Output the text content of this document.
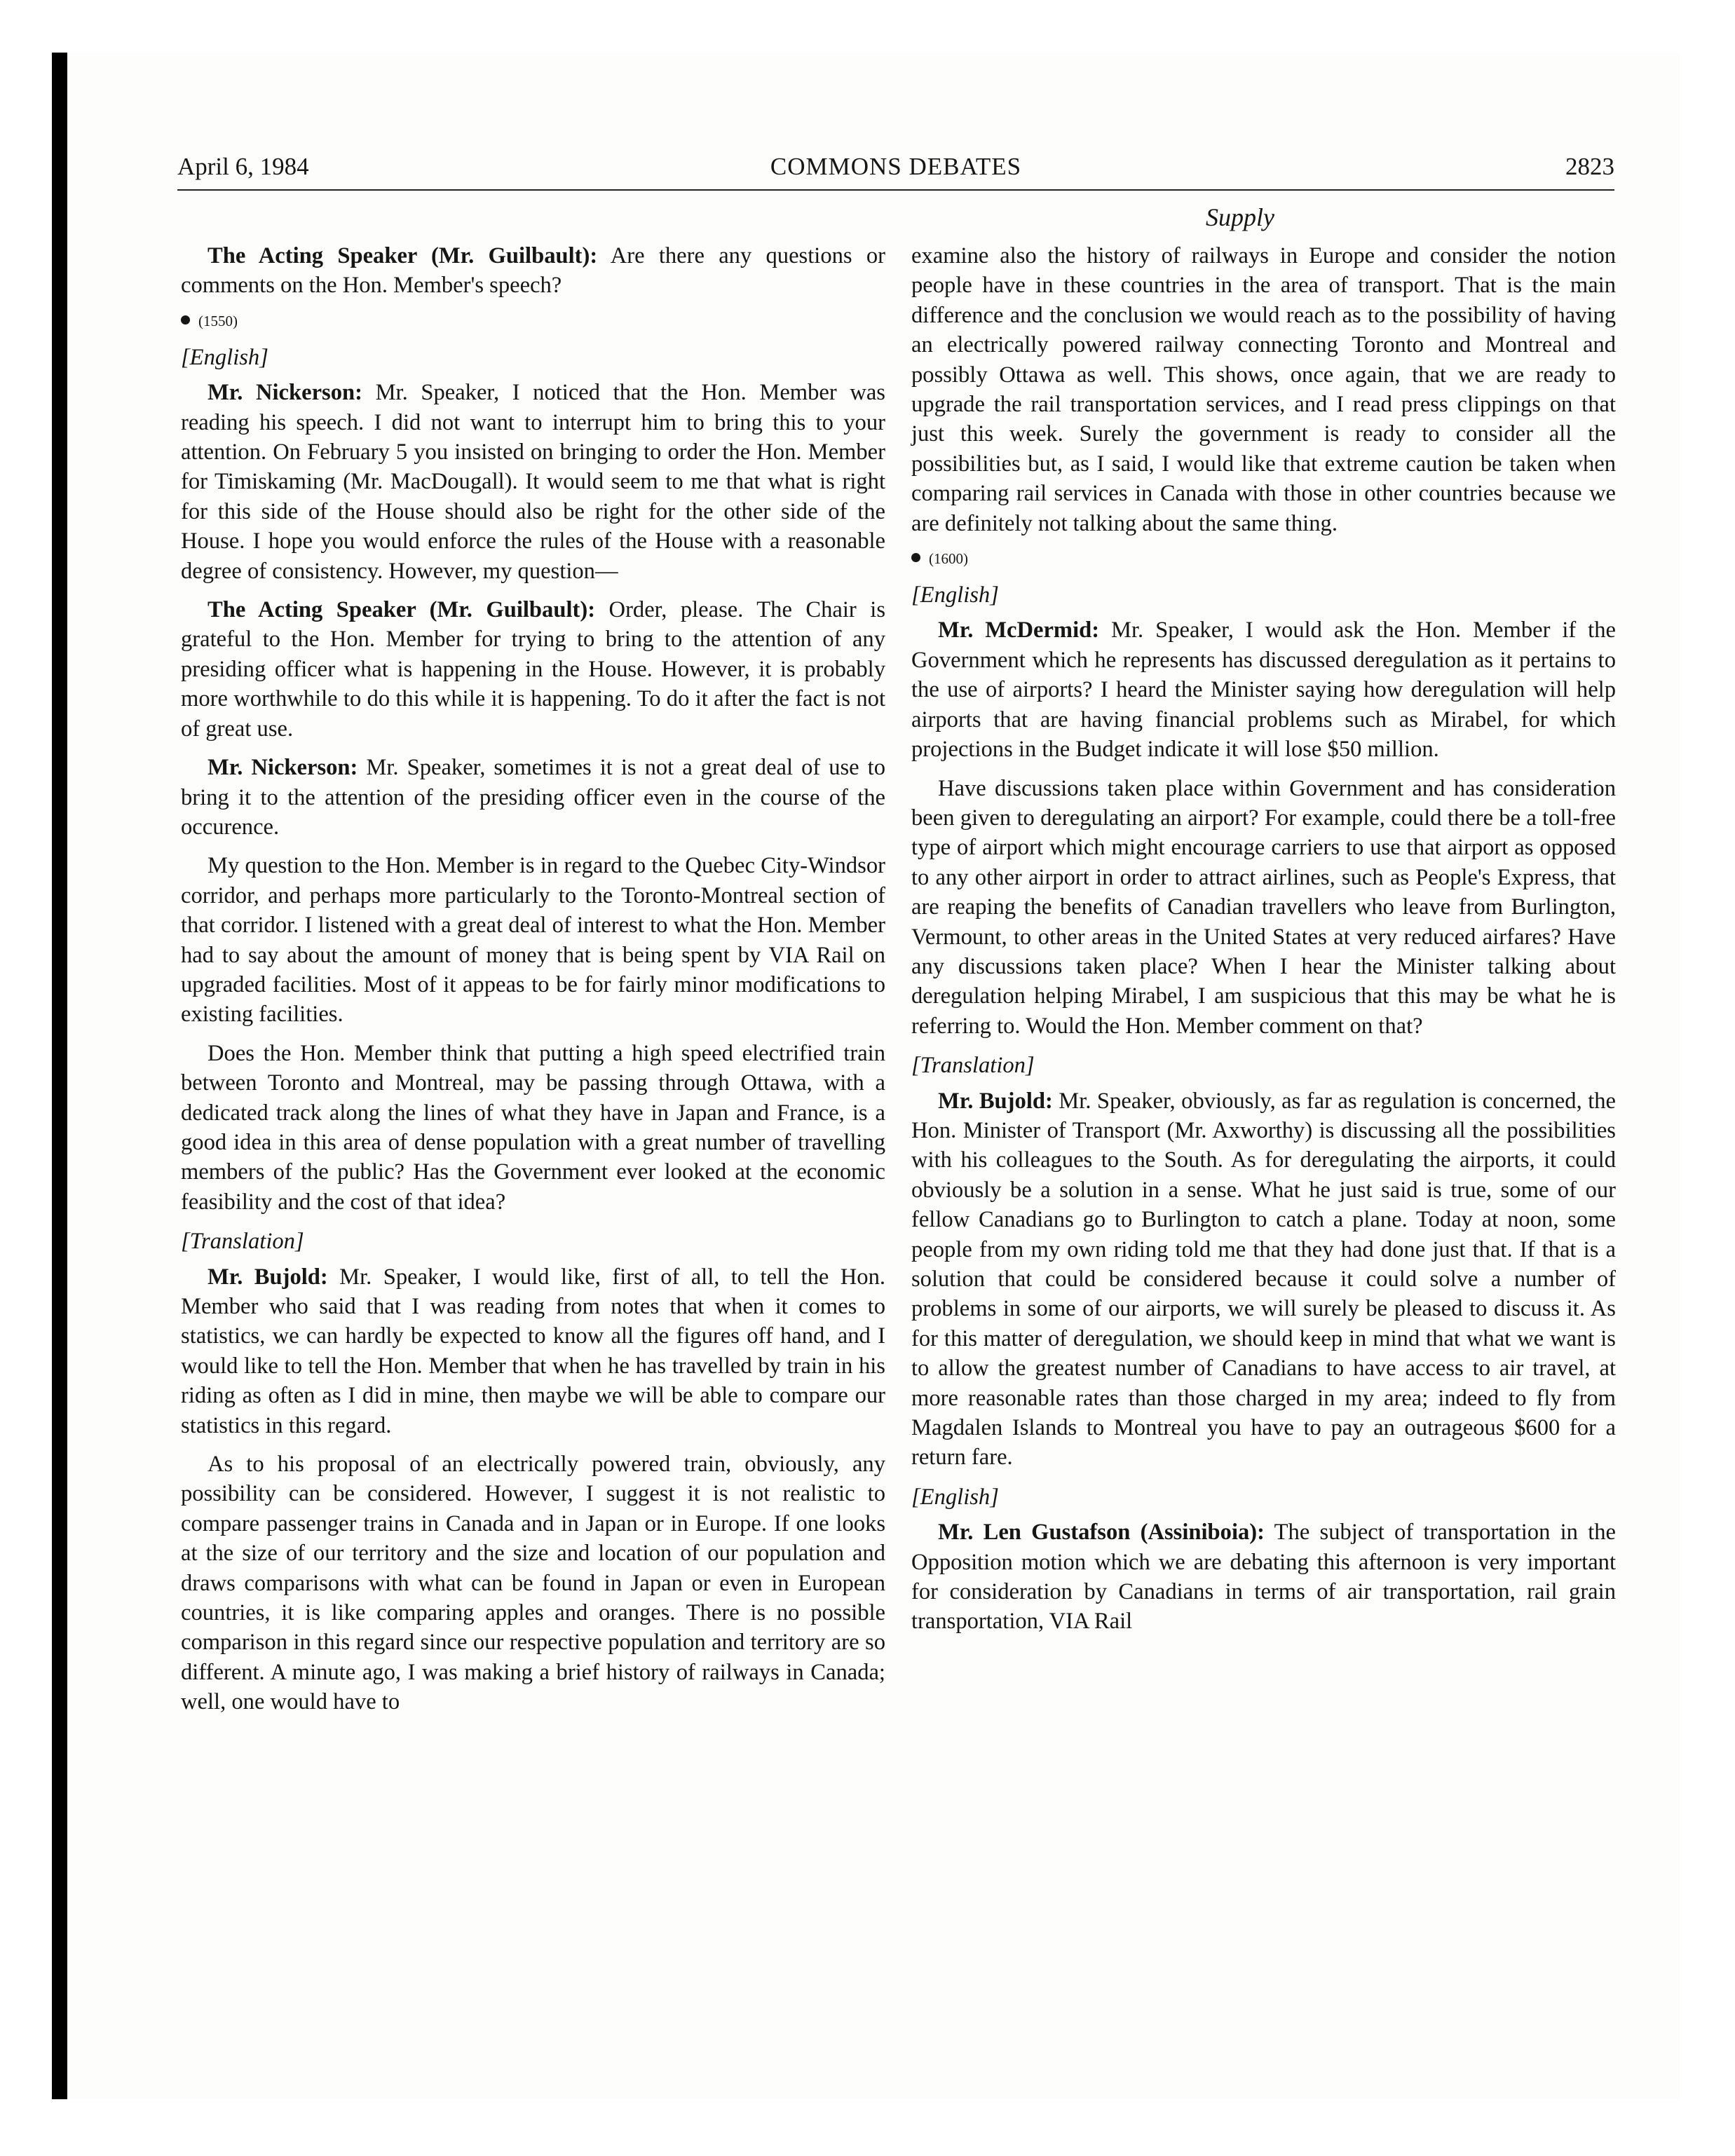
April 6, 1984	COMMONS DEBATES	2823
Supply

The Acting Speaker (Mr. Guilbault): Are there any questions or comments on the Hon. Member's speech?

(1550)
[English]

Mr. Nickerson: Mr. Speaker, I noticed that the Hon. Member was reading his speech. I did not want to interrupt him to bring this to your attention. On February 5 you insisted on bringing to order the Hon. Member for Timiskaming (Mr. MacDougall). It would seem to me that what is right for this side of the House should also be right for the other side of the House. I hope you would enforce the rules of the House with a reasonable degree of consistency. However, my question—

The Acting Speaker (Mr. Guilbault): Order, please. The Chair is grateful to the Hon. Member for trying to bring to the attention of any presiding officer what is happening in the House. However, it is probably more worthwhile to do this while it is happening. To do it after the fact is not of great use.

Mr. Nickerson: Mr. Speaker, sometimes it is not a great deal of use to bring it to the attention of the presiding officer even in the course of the occurence.

My question to the Hon. Member is in regard to the Quebec City-Windsor corridor, and perhaps more particularly to the Toronto-Montreal section of that corridor. I listened with a great deal of interest to what the Hon. Member had to say about the amount of money that is being spent by VIA Rail on upgraded facilities. Most of it appeas to be for fairly minor modifications to existing facilities.

Does the Hon. Member think that putting a high speed electrified train between Toronto and Montreal, may be passing through Ottawa, with a dedicated track along the lines of what they have in Japan and France, is a good idea in this area of dense population with a great number of travelling members of the public? Has the Government ever looked at the economic feasibility and the cost of that idea?

[Translation]

Mr. Bujold: Mr. Speaker, I would like, first of all, to tell the Hon. Member who said that I was reading from notes that when it comes to statistics, we can hardly be expected to know all the figures off hand, and I would like to tell the Hon. Member that when he has travelled by train in his riding as often as I did in mine, then maybe we will be able to compare our statistics in this regard.

As to his proposal of an electrically powered train, obviously, any possibility can be considered. However, I suggest it is not realistic to compare passenger trains in Canada and in Japan or in Europe. If one looks at the size of our territory and the size and location of our population and draws comparisons with what can be found in Japan or even in European countries, it is like comparing apples and oranges. There is no possible comparison in this regard since our respective population and territory are so different. A minute ago, I was making a brief history of railways in Canada; well, one would have to

examine also the history of railways in Europe and consider the notion people have in these countries in the area of transport. That is the main difference and the conclusion we would reach as to the possibility of having an electrically powered railway connecting Toronto and Montreal and possibly Ottawa as well. This shows, once again, that we are ready to upgrade the rail transportation services, and I read press clippings on that just this week. Surely the government is ready to consider all the possibilities but, as I said, I would like that extreme caution be taken when comparing rail services in Canada with those in other countries because we are definitely not talking about the same thing.

(1600)
[English]

Mr. McDermid: Mr. Speaker, I would ask the Hon. Member if the Government which he represents has discussed deregulation as it pertains to the use of airports? I heard the Minister saying how deregulation will help airports that are having financial problems such as Mirabel, for which projections in the Budget indicate it will lose $50 million.

Have discussions taken place within Government and has consideration been given to deregulating an airport? For example, could there be a toll-free type of airport which might encourage carriers to use that airport as opposed to any other airport in order to attract airlines, such as People's Express, that are reaping the benefits of Canadian travellers who leave from Burlington, Vermount, to other areas in the United States at very reduced airfares? Have any discussions taken place? When I hear the Minister talking about deregulation helping Mirabel, I am suspicious that this may be what he is referring to. Would the Hon. Member comment on that?

[Translation]

Mr. Bujold: Mr. Speaker, obviously, as far as regulation is concerned, the Hon. Minister of Transport (Mr. Axworthy) is discussing all the possibilities with his colleagues to the South. As for deregulating the airports, it could obviously be a solution in a sense. What he just said is true, some of our fellow Canadians go to Burlington to catch a plane. Today at noon, some people from my own riding told me that they had done just that. If that is a solution that could be considered because it could solve a number of problems in some of our airports, we will surely be pleased to discuss it. As for this matter of deregulation, we should keep in mind that what we want is to allow the greatest number of Canadians to have access to air travel, at more reasonable rates than those charged in my area; indeed to fly from Magdalen Islands to Montreal you have to pay an outrageous $600 for a return fare.

[English]

Mr. Len Gustafson (Assiniboia): The subject of transportation in the Opposition motion which we are debating this afternoon is very important for consideration by Canadians in terms of air transportation, rail grain transportation, VIA Rail
